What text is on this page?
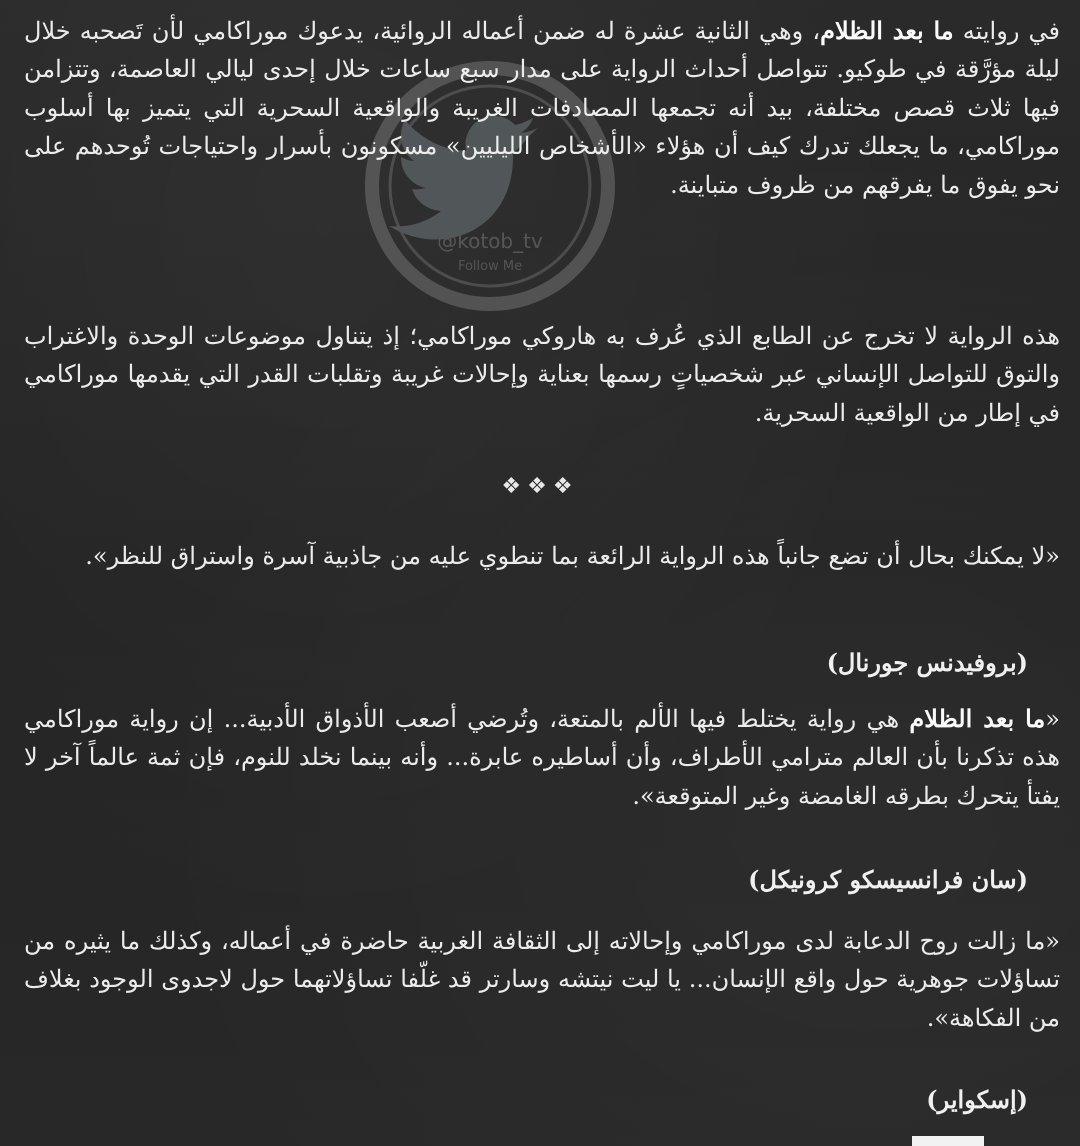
@kotob_tv
Follow Me

في روايته ما بعد الظلام، وهي الثانية عشرة له ضمن أعماله الروائية، يدعوك موراكامي لأن تَصحبه خلال ليلة مؤرَّقة في طوكيو. تتواصل أحداث الرواية على مدار سبع ساعات خلال إحدى ليالي العاصمة، وتتزامن فيها ثلاث قصص مختلفة، بيد أنه تجمعها المصادفات الغريبة والواقعية السحرية التي يتميز بها أسلوب موراكامي، ما يجعلك تدرك كيف أن هؤلاء «الأشخاص الليليين» مسكونون بأسرار واحتياجات تُوحدهم على نحو يفوق ما يفرقهم من ظروف متباينة.

هذه الرواية لا تخرج عن الطابع الذي عُرف به هاروكي موراكامي؛ إذ يتناول موضوعات الوحدة والاغتراب والتوق للتواصل الإنساني عبر شخصياتٍ رسمها بعناية وإحالات غريبة وتقلبات القدر التي يقدمها موراكامي في إطار من الواقعية السحرية.

❖❖❖

«لا يمكنك بحال أن تضع جانباً هذه الرواية الرائعة بما تنطوي عليه من جاذبية آسرة واستراق للنظر».

(بروفيدنس جورنال)

«ما بعد الظلام هي رواية يختلط فيها الألم بالمتعة، وتُرضي أصعب الأذواق الأدبية... إن رواية موراكامي هذه تذكرنا بأن العالم مترامي الأطراف، وأن أساطيره عابرة... وأنه بينما نخلد للنوم، فإن ثمة عالماً آخر لا يفتأ يتحرك بطرقه الغامضة وغير المتوقعة».

(سان فرانسيسكو كرونيكل)

«ما زالت روح الدعابة لدى موراكامي وإحالاته إلى الثقافة الغربية حاضرة في أعماله، وكذلك ما يثيره من تساؤلات جوهرية حول واقع الإنسان... يا ليت نيتشه وسارتر قد غلّفا تساؤلاتهما حول لاجدوى الوجود بغلاف من الفكاهة».

(إسكواير)
